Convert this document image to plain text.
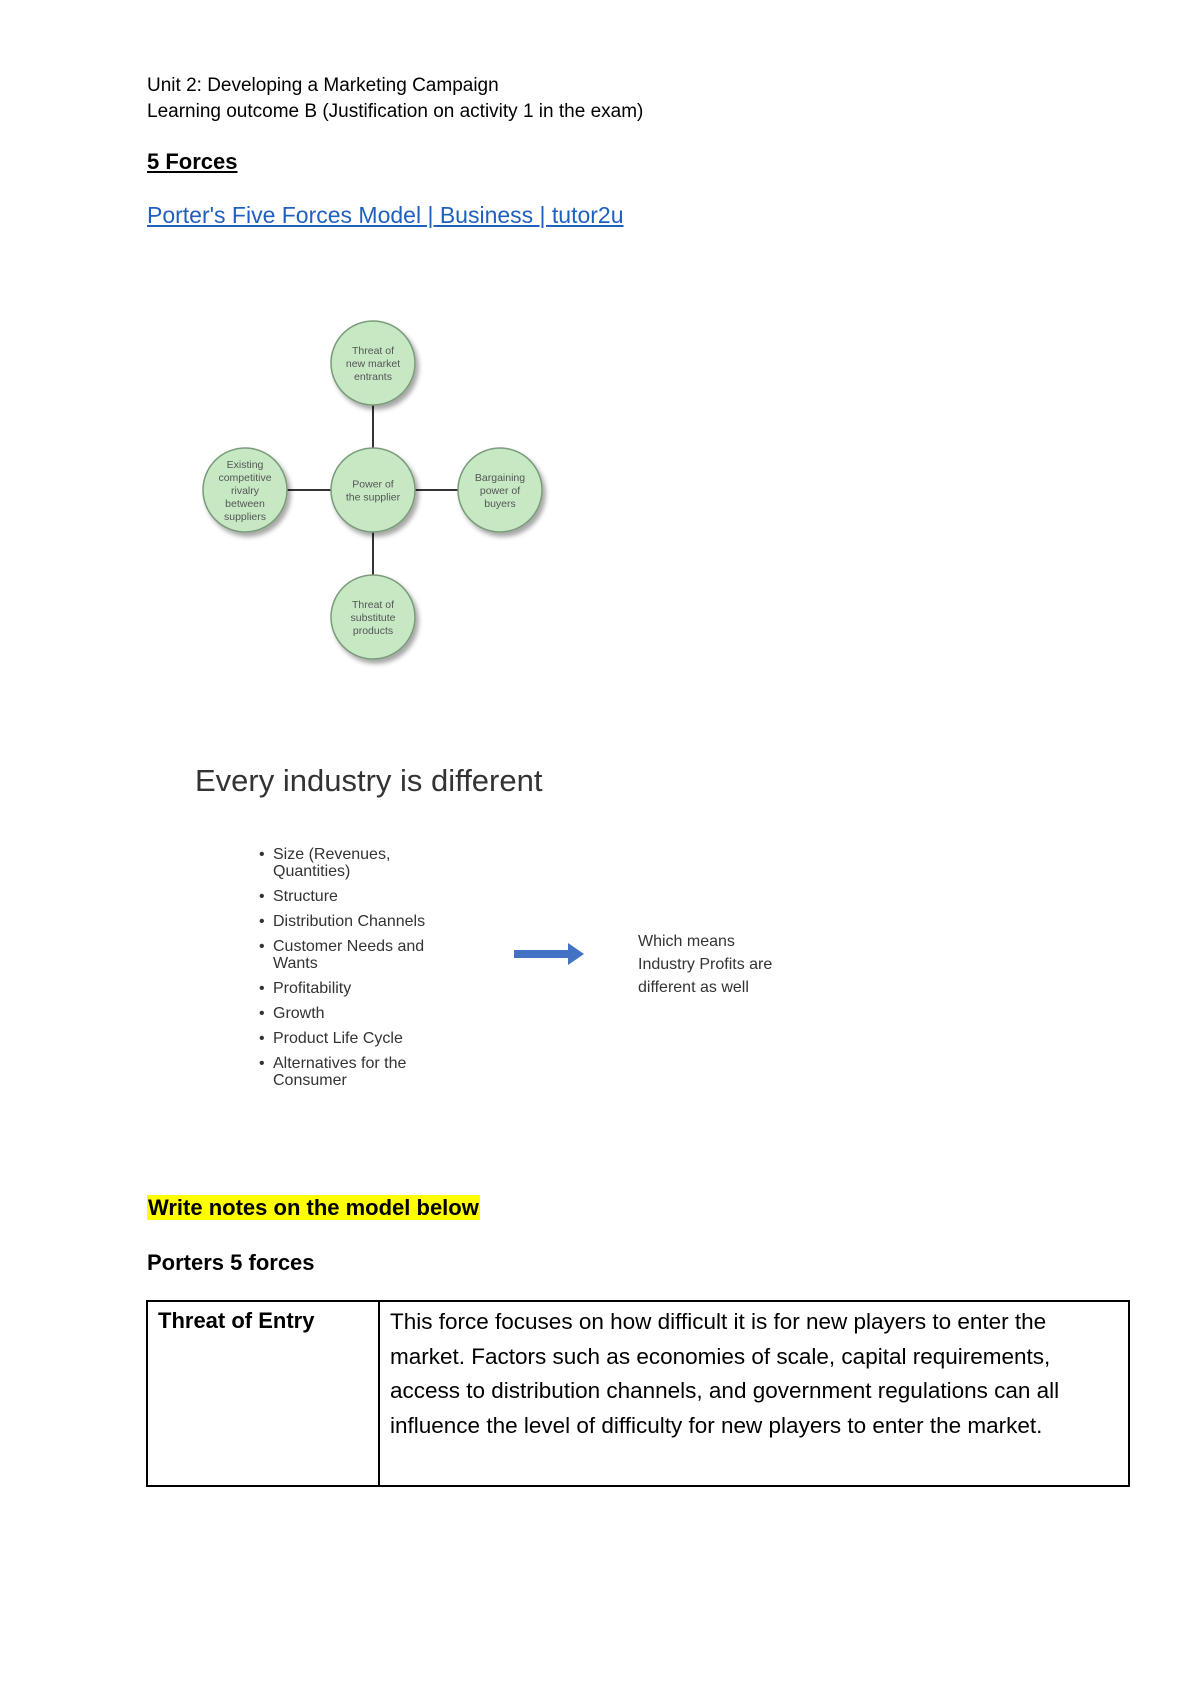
Unit 2: Developing a Marketing Campaign
Learning outcome B (Justification on activity 1 in the exam)
5 Forces
Porter's Five Forces Model | Business | tutor2u
Threat of new market entrants
Power of the supplier
Existing competitive rivalry between suppliers
Bargaining power of buyers
Threat of substitute products
Every industry is different
• Size (Revenues, Quantities)
• Structure
• Distribution Channels
• Customer Needs and Wants
• Profitability
• Growth
• Product Life Cycle
• Alternatives for the Consumer
Which means Industry Profits are different as well
Write notes on the model below
Porters 5 forces
Threat of Entry	This force focuses on how difficult it is for new players to enter the market. Factors such as economies of scale, capital requirements, access to distribution channels, and government regulations can all influence the level of difficulty for new players to enter the market.
